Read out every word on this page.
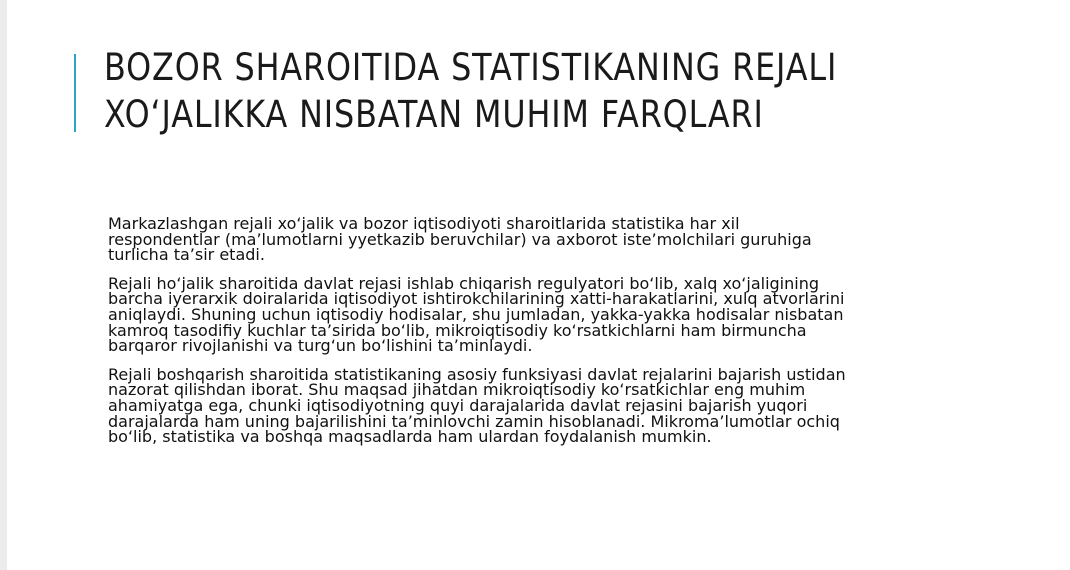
BOZOR SHAROITIDA STATISTIKANING REJALI
XO‘JALIKKA NISBATAN MUHIM FARQLARI

Markazlashgan rejali xo‘jalik va bozor iqtisodiyoti sharoitlarida statistika har xil
respondentlar (ma’lumotlarni yyetkazib beruvchilar) va axborot iste’molchilari guruhiga
turlicha ta’sir etadi.

Rejali ho‘jalik sharoitida davlat rejasi ishlab chiqarish regulyatori bo‘lib, xalq xo‘jaligining
barcha iyerarxik doiralarida iqtisodiyot ishtirokchilarining xatti-harakatlarini, xulq atvorlarini
aniqlaydi. Shuning uchun iqtisodiy hodisalar, shu jumladan, yakka-yakka hodisalar nisbatan
kamroq tasodifiy kuchlar ta’sirida bo‘lib, mikroiqtisodiy ko‘rsatkichlarni ham birmuncha
barqaror rivojlanishi va turg‘un bo‘lishini ta’minlaydi.

Rejali boshqarish sharoitida statistikaning asosiy funksiyasi davlat rejalarini bajarish ustidan
nazorat qilishdan iborat. Shu maqsad jihatdan mikroiqtisodiy ko‘rsatkichlar eng muhim
ahamiyatga ega, chunki iqtisodiyotning quyi darajalarida davlat rejasini bajarish yuqori
darajalarda ham uning bajarilishini ta’minlovchi zamin hisoblanadi. Mikroma’lumotlar ochiq
bo‘lib, statistika va boshqa maqsadlarda ham ulardan foydalanish mumkin.
